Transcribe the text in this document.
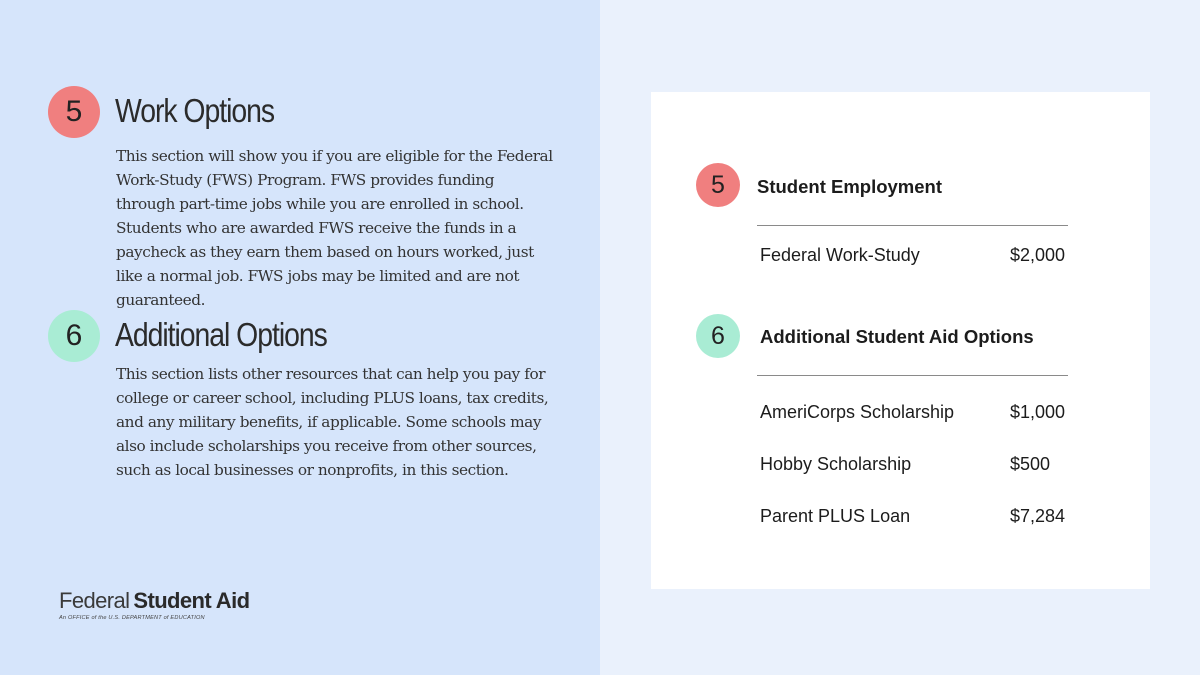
5 Work Options

This section will show you if you are eligible for the Federal Work-Study (FWS) Program. FWS provides funding through part-time jobs while you are enrolled in school. Students who are awarded FWS receive the funds in a paycheck as they earn them based on hours worked, just like a normal job. FWS jobs may be limited and are not guaranteed.

6 Additional Options

This section lists other resources that can help you pay for college or career school, including PLUS loans, tax credits, and any military benefits, if applicable. Some schools may also include scholarships you receive from other sources, such as local businesses or nonprofits, in this section.

Federal Student Aid
An OFFICE of the U.S. DEPARTMENT of EDUCATION
5	Student Employment
Federal Work-Study	$2,000
6	Additional Student Aid Options
AmeriCorps Scholarship	$1,000
Hobby Scholarship	$500
Parent PLUS Loan	$7,284
